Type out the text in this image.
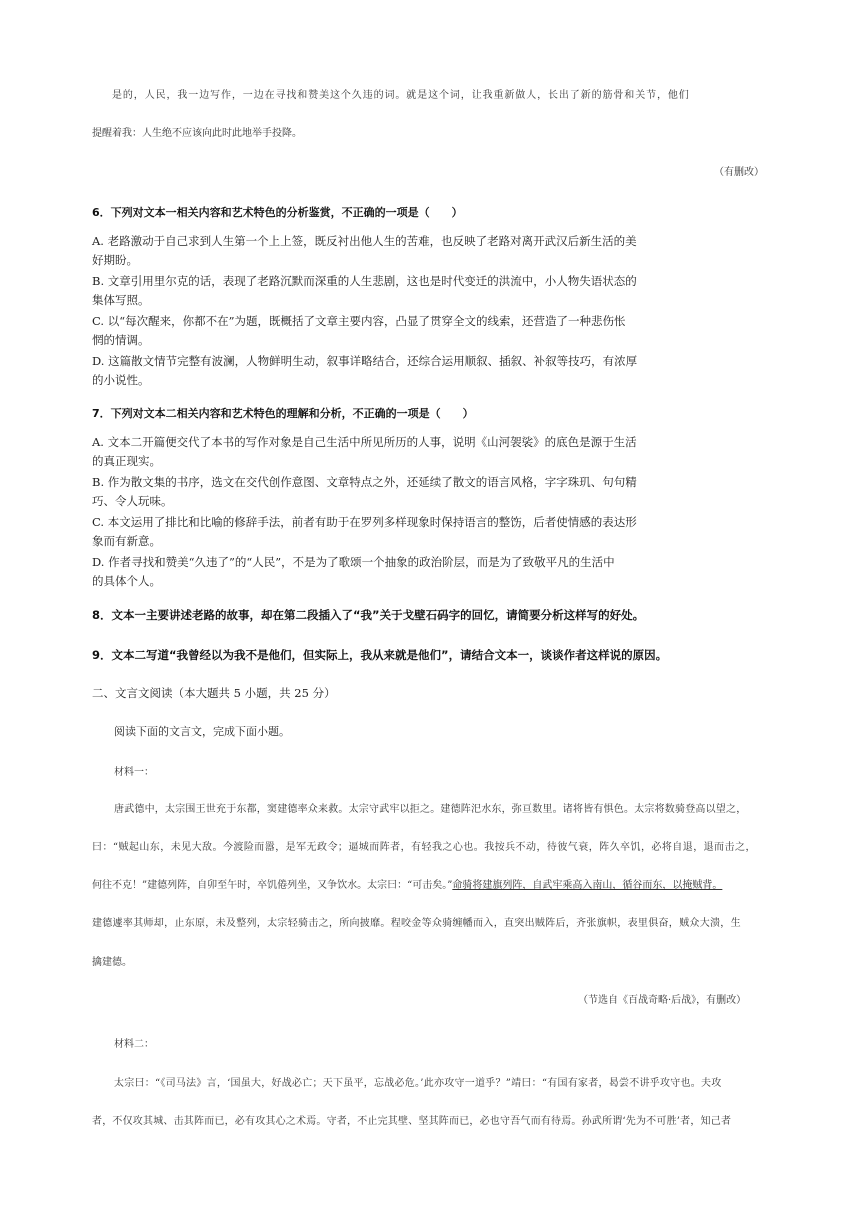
是的，人民，我一边写作，一边在寻找和赞美这个久违的词。就是这个词，让我重新做人，长出了新的筋骨和关节，他们
提醒着我：人生绝不应该向此时此地举手投降。
（有删改）
6．下列对文本一相关内容和艺术特色的分析鉴赏，不正确的一项是（　　）
A. 老路激动于自己求到人生第一个上上签，既反衬出他人生的苦难，也反映了老路对离开武汉后新生活的美
好期盼。
B. 文章引用里尔克的话，表现了老路沉默而深重的人生悲剧，这也是时代变迁的洪流中，小人物失语状态的
集体写照。
C. 以“每次醒来，你都不在”为题，既概括了文章主要内容，凸显了贯穿全文的线索，还营造了一种悲伤怅
惘的情调。
D. 这篇散文情节完整有波澜，人物鲜明生动，叙事详略结合，还综合运用顺叙、插叙、补叙等技巧，有浓厚
的小说性。
7．下列对文本二相关内容和艺术特色的理解和分析，不正确的一项是（　　）
A. 文本二开篇便交代了本书的写作对象是自己生活中所见所历的人事，说明《山河袈裟》的底色是源于生活
的真正现实。
B. 作为散文集的书序，选文在交代创作意图、文章特点之外，还延续了散文的语言风格，字字珠玑、句句精
巧、令人玩味。
C. 本文运用了排比和比喻的修辞手法，前者有助于在罗列多样现象时保持语言的整饬，后者使情感的表达形
象而有新意。
D. 作者寻找和赞美“久违了”的“人民”，不是为了歌颂一个抽象的政治阶层，而是为了致敬平凡的生活中
的具体个人。
8．文本一主要讲述老路的故事，却在第二段插入了“我”关于戈壁石码字的回忆，请简要分析这样写的好处。
9．文本二写道“我曾经以为我不是他们，但实际上，我从来就是他们”，请结合文本一，谈谈作者这样说的原因。
二、文言文阅读（本大题共 5 小题，共 25 分）
阅读下面的文言文，完成下面小题。
材料一：
唐武德中，太宗围王世充于东都，窦建德率众来救。太宗守武牢以拒之。建德阵汜水东，弥亘数里。诸将皆有惧色。太宗将数骑登高以望之，
曰：“贼起山东，未见大敌。今渡险而嚣，是军无政令；逼城而阵者，有轻我之心也。我按兵不动，待彼气衰，阵久卒饥，必将自退，退而击之，
何往不克！”建德列阵，自卯至午时，卒饥倦列坐，又争饮水。太宗曰：“可击矣。”命骑将建旗列阵，自武牢乘高入南山，循谷而东，以掩贼背。
建德遽率其师却，止东原，未及整列，太宗轻骑击之，所向披靡。程咬金等众骑缠幡而入，直突出贼阵后，齐张旗帜，表里俱奋，贼众大溃，生
擒建德。
（节选自《百战奇略·后战》，有删改）
材料二：
太宗曰：“《司马法》言，‘国虽大，好战必亡；天下虽平，忘战必危。’此亦攻守一道乎？”靖曰：“有国有家者，曷尝不讲乎攻守也。夫攻
者，不仅攻其城、击其阵而已，必有攻其心之术焉。守者，不止完其壁、坚其阵而已，必也守吾气而有待焉。孙武所谓‘先为不可胜’者，知己者
